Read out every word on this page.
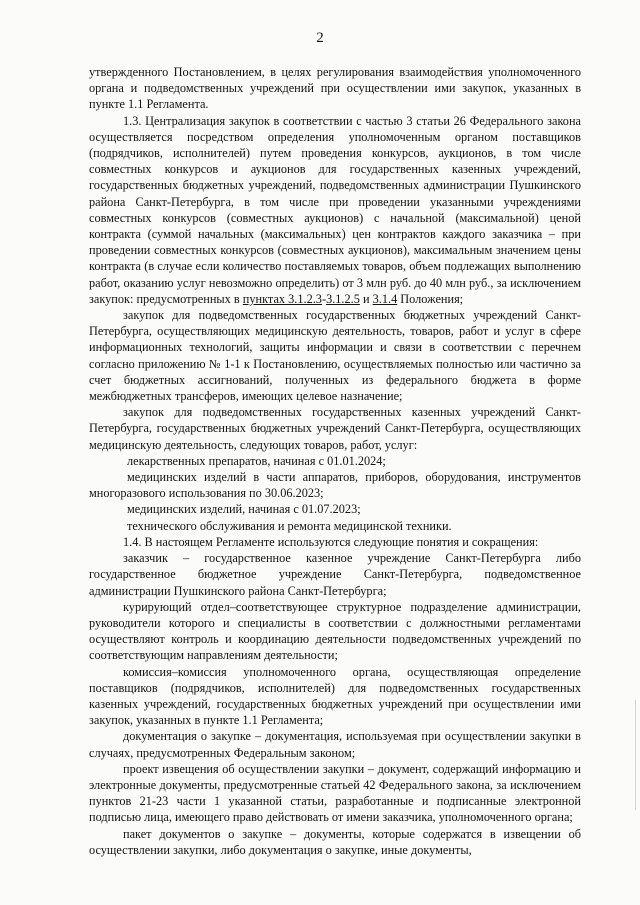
2

утвержденного Постановлением, в целях регулирования взаимодействия уполномоченного органа и подведомственных учреждений при осуществлении ими закупок, указанных в пункте 1.1 Регламента.

1.3. Централизация закупок в соответствии с частью 3 статьи 26 Федерального закона осуществляется посредством определения уполномоченным органом поставщиков (подрядчиков, исполнителей) путем проведения конкурсов, аукционов, в том числе совместных конкурсов и аукционов для государственных казенных учреждений, государственных бюджетных учреждений, подведомственных администрации Пушкинского района Санкт-Петербурга, в том числе при проведении указанными учреждениями совместных конкурсов (совместных аукционов) с начальной (максимальной) ценой контракта (суммой начальных (максимальных) цен контрактов каждого заказчика – при проведении совместных конкурсов (совместных аукционов), максимальным значением цены контракта (в случае если количество поставляемых товаров, объем подлежащих выполнению работ, оказанию услуг невозможно определить) от 3 млн руб. до 40 млн руб., за исключением закупок: предусмотренных в пунктах 3.1.2.3-3.1.2.5 и 3.1.4 Положения;

закупок для подведомственных государственных бюджетных учреждений Санкт-Петербурга, осуществляющих медицинскую деятельность, товаров, работ и услуг в сфере информационных технологий, защиты информации и связи в соответствии с перечнем согласно приложению № 1-1 к Постановлению, осуществляемых полностью или частично за счет бюджетных ассигнований, полученных из федерального бюджета в форме межбюджетных трансферов, имеющих целевое назначение;

закупок для подведомственных государственных казенных учреждений Санкт-Петербурга, государственных бюджетных учреждений Санкт-Петербурга, осуществляющих медицинскую деятельность, следующих товаров, работ, услуг:

лекарственных препаратов, начиная с 01.01.2024;

медицинских изделий в части аппаратов, приборов, оборудования, инструментов многоразового использования по 30.06.2023;

медицинских изделий, начиная с 01.07.2023;

технического обслуживания и ремонта медицинской техники.

1.4. В настоящем Регламенте используются следующие понятия и сокращения:

заказчик – государственное казенное учреждение Санкт-Петербурга либо государственное бюджетное учреждение Санкт-Петербурга, подведомственное администрации Пушкинского района Санкт-Петербурга;

курирующий отдел–соответствующее структурное подразделение администрации, руководители которого и специалисты в соответствии с должностными регламентами осуществляют контроль и координацию деятельности подведомственных учреждений по соответствующим направлениям деятельности;

комиссия–комиссия уполномоченного органа, осуществляющая определение поставщиков (подрядчиков, исполнителей) для подведомственных государственных казенных учреждений, государственных бюджетных учреждений при осуществлении ими закупок, указанных в пункте 1.1 Регламента;

документация о закупке – документация, используемая при осуществлении закупки в случаях, предусмотренных Федеральным законом;

проект извещения об осуществлении закупки – документ, содержащий информацию и электронные документы, предусмотренные статьей 42 Федерального закона, за исключением пунктов 21-23 части 1 указанной статьи, разработанные и подписанные электронной подписью лица, имеющего право действовать от имени заказчика, уполномоченного органа;

пакет документов о закупке – документы, которые содержатся в извещении об осуществлении закупки, либо документация о закупке, иные документы,
